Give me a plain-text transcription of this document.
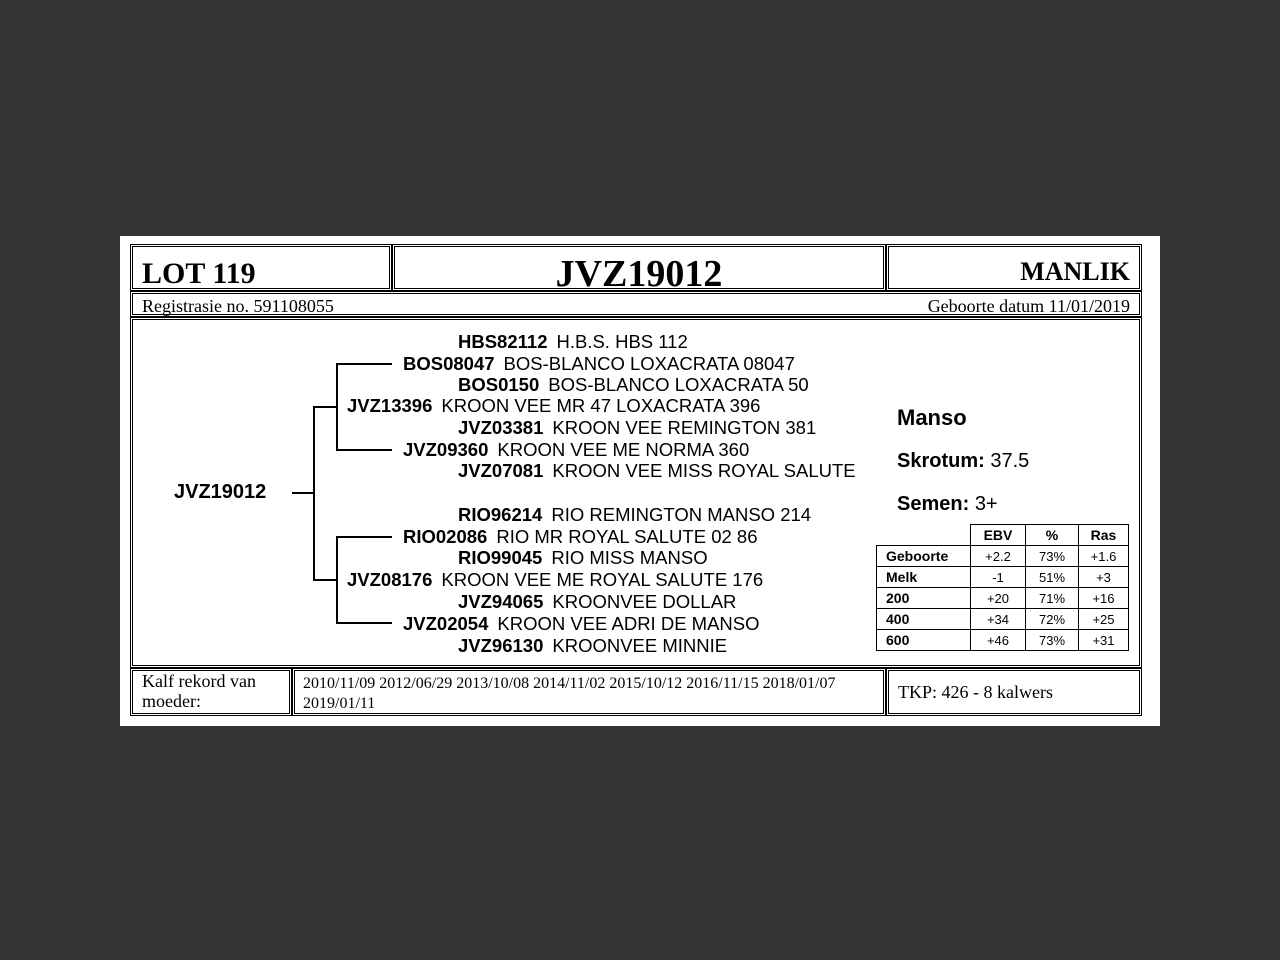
LOT 119	JVZ19012	MANLIK
Registrasie no. 591108055	Geboorte datum 11/01/2019
Kalf rekord van moeder:
2010/11/09 2012/06/29 2013/10/08 2014/11/02 2015/10/12 2016/11/15 2018/01/07 2019/01/11
TKP: 426 - 8 kalwers
HBS82112 H.B.S. HBS 112
BOS08047 BOS-BLANCO LOXACRATA 08047
BOS0150 BOS-BLANCO LOXACRATA 50
JVZ13396 KROON VEE MR 47 LOXACRATA 396
JVZ03381 KROON VEE REMINGTON 381
JVZ09360 KROON VEE ME NORMA 360
JVZ07081 KROON VEE MISS ROYAL SALUTE
RIO96214 RIO REMINGTON MANSO 214
RIO02086 RIO MR ROYAL SALUTE 02 86
RIO99045 RIO MISS MANSO
JVZ08176 KROON VEE ME ROYAL SALUTE 176
JVZ94065 KROONVEE DOLLAR
JVZ02054 KROON VEE ADRI DE MANSO
JVZ96130 KROONVEE MINNIE
JVZ19012
Manso
Skrotum: 37.5
Semen: 3+
	EBV	%	Ras
Geboorte	+2.2	73%	+1.6
Melk	-1	51%	+3
200	+20	71%	+16
400	+34	72%	+25
600	+46	73%	+31
